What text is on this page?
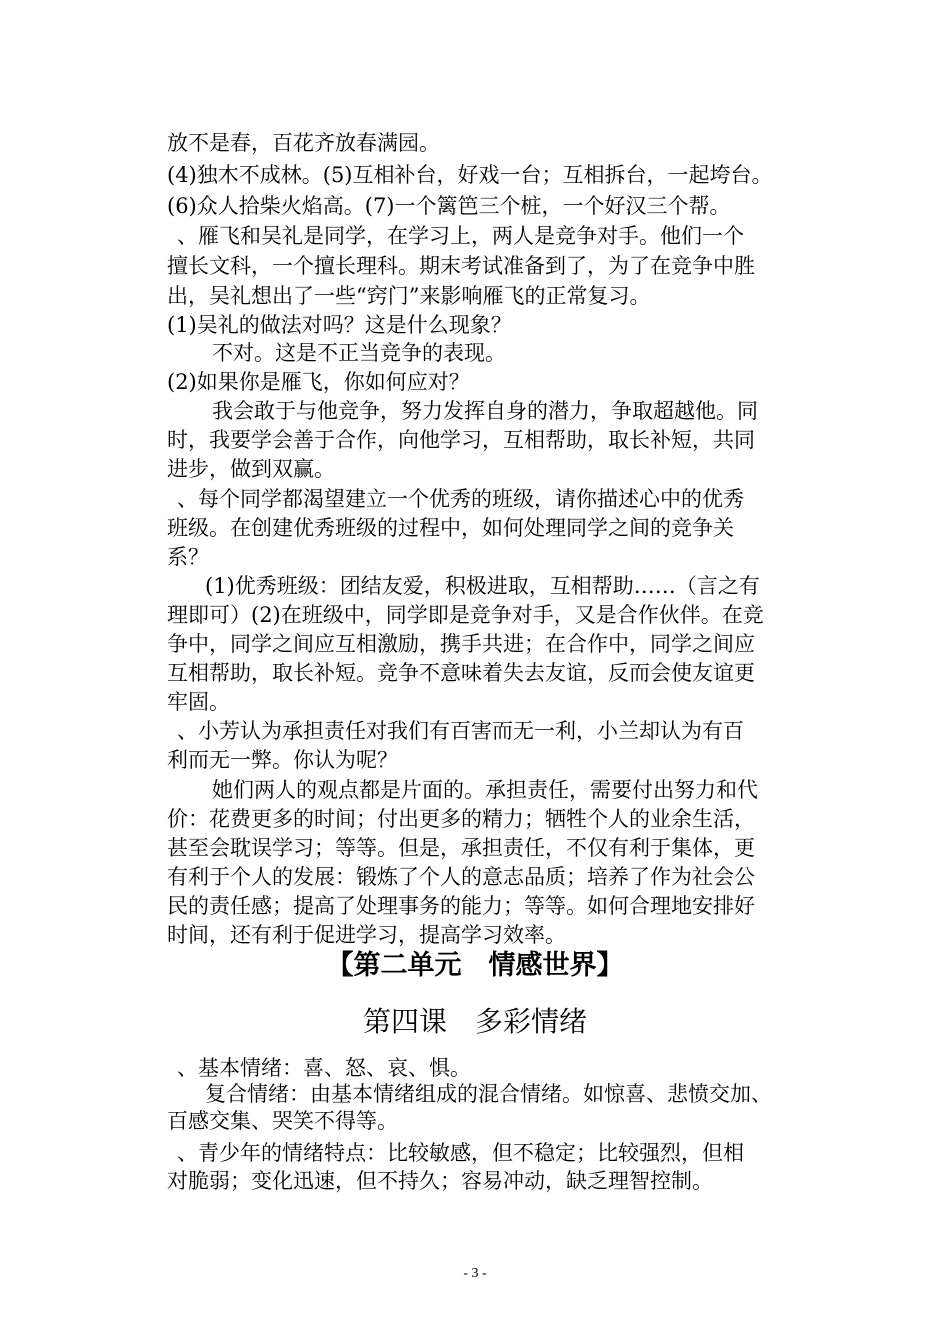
放不是春，百花齐放春满园。
(4)独木不成林。(5)互相补台，好戏一台；互相拆台，一起垮台。
(6)众人拾柴火焰高。(7)一个篱笆三个桩，一个好汉三个帮。
、雁飞和吴礼是同学，在学习上，两人是竞争对手。他们一个
擅长文科，一个擅长理科。期末考试准备到了，为了在竞争中胜
出，吴礼想出了一些“窍门”来影响雁飞的正常复习。
(1)吴礼的做法对吗？这是什么现象？
不对。这是不正当竞争的表现。
(2)如果你是雁飞，你如何应对？
我会敢于与他竞争，努力发挥自身的潜力，争取超越他。同
时，我要学会善于合作，向他学习，互相帮助，取长补短，共同
进步，做到双赢。
、每个同学都渴望建立一个优秀的班级，请你描述心中的优秀
班级。在创建优秀班级的过程中，如何处理同学之间的竞争关
系？
(1)优秀班级：团结友爱，积极进取，互相帮助……（言之有
理即可）(2)在班级中，同学即是竞争对手，又是合作伙伴。在竞
争中，同学之间应互相激励，携手共进；在合作中，同学之间应
互相帮助，取长补短。竞争不意味着失去友谊，反而会使友谊更
牢固。
、小芳认为承担责任对我们有百害而无一利，小兰却认为有百
利而无一弊。你认为呢？
她们两人的观点都是片面的。承担责任，需要付出努力和代
价：花费更多的时间；付出更多的精力；牺牲个人的业余生活，
甚至会耽误学习；等等。但是，承担责任，不仅有利于集体，更
有利于个人的发展：锻炼了个人的意志品质；培养了作为社会公
民的责任感；提高了处理事务的能力；等等。如何合理地安排好
时间，还有利于促进学习，提高学习效率。
【第二单元　情感世界】
第四课　多彩情绪
、基本情绪：喜、怒、哀、惧。
复合情绪：由基本情绪组成的混合情绪。如惊喜、悲愤交加、
百感交集、哭笑不得等。
、青少年的情绪特点：比较敏感，但不稳定；比较强烈，但相
对脆弱；变化迅速，但不持久；容易冲动，缺乏理智控制。
- 3 -
